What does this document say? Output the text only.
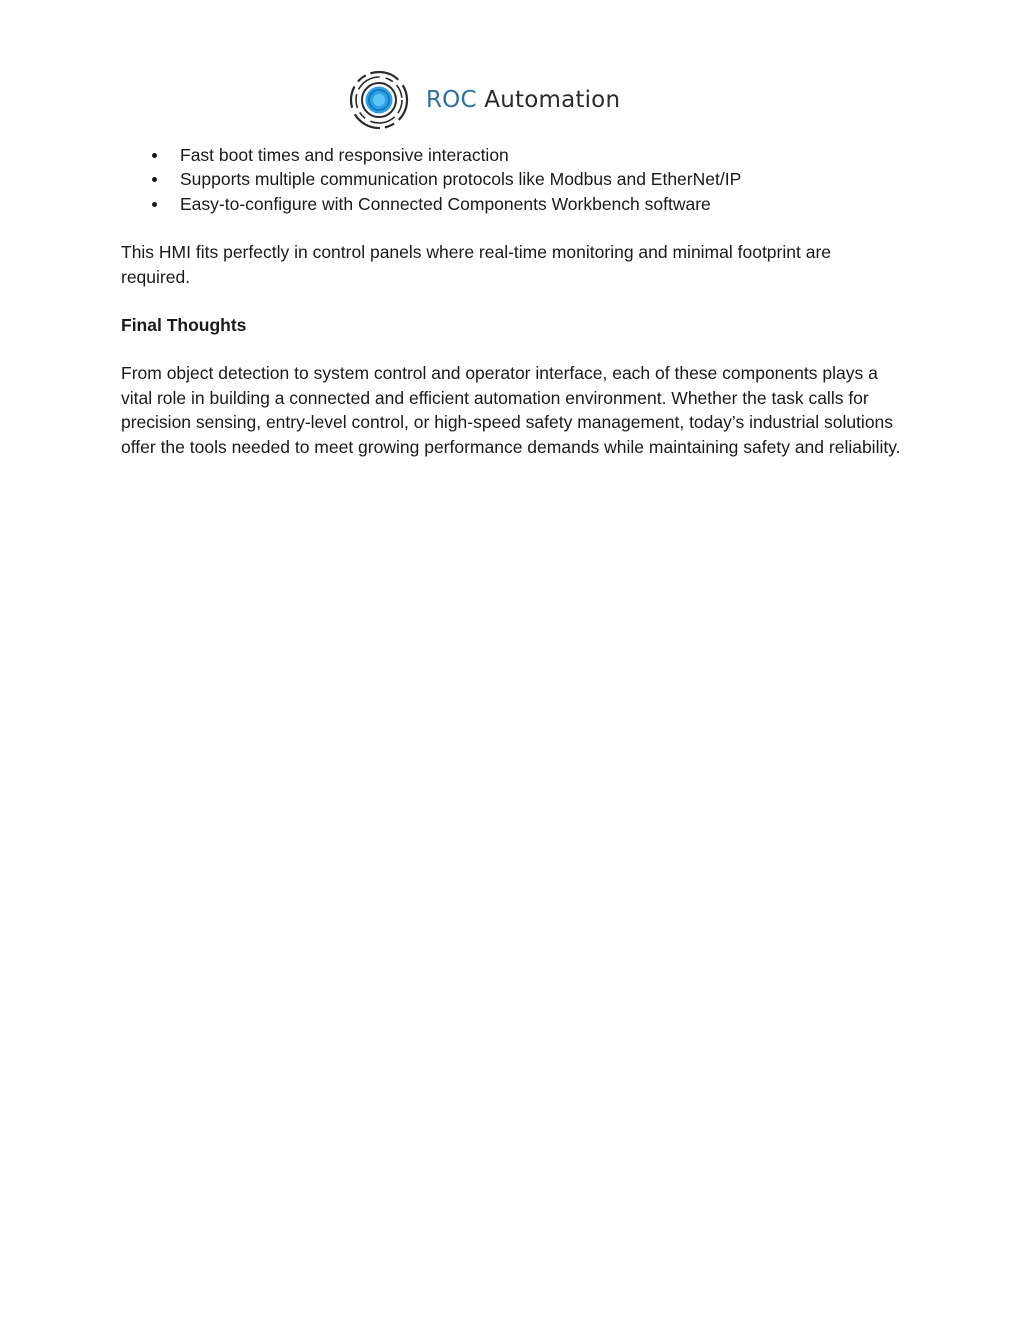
ROC Automation
Fast boot times and responsive interaction
Supports multiple communication protocols like Modbus and EtherNet/IP
Easy-to-configure with Connected Components Workbench software

This HMI fits perfectly in control panels where real-time monitoring and minimal footprint are required.

Final Thoughts

From object detection to system control and operator interface, each of these components plays a vital role in building a connected and efficient automation environment. Whether the task calls for precision sensing, entry-level control, or high-speed safety management, today’s industrial solutions offer the tools needed to meet growing performance demands while maintaining safety and reliability.
